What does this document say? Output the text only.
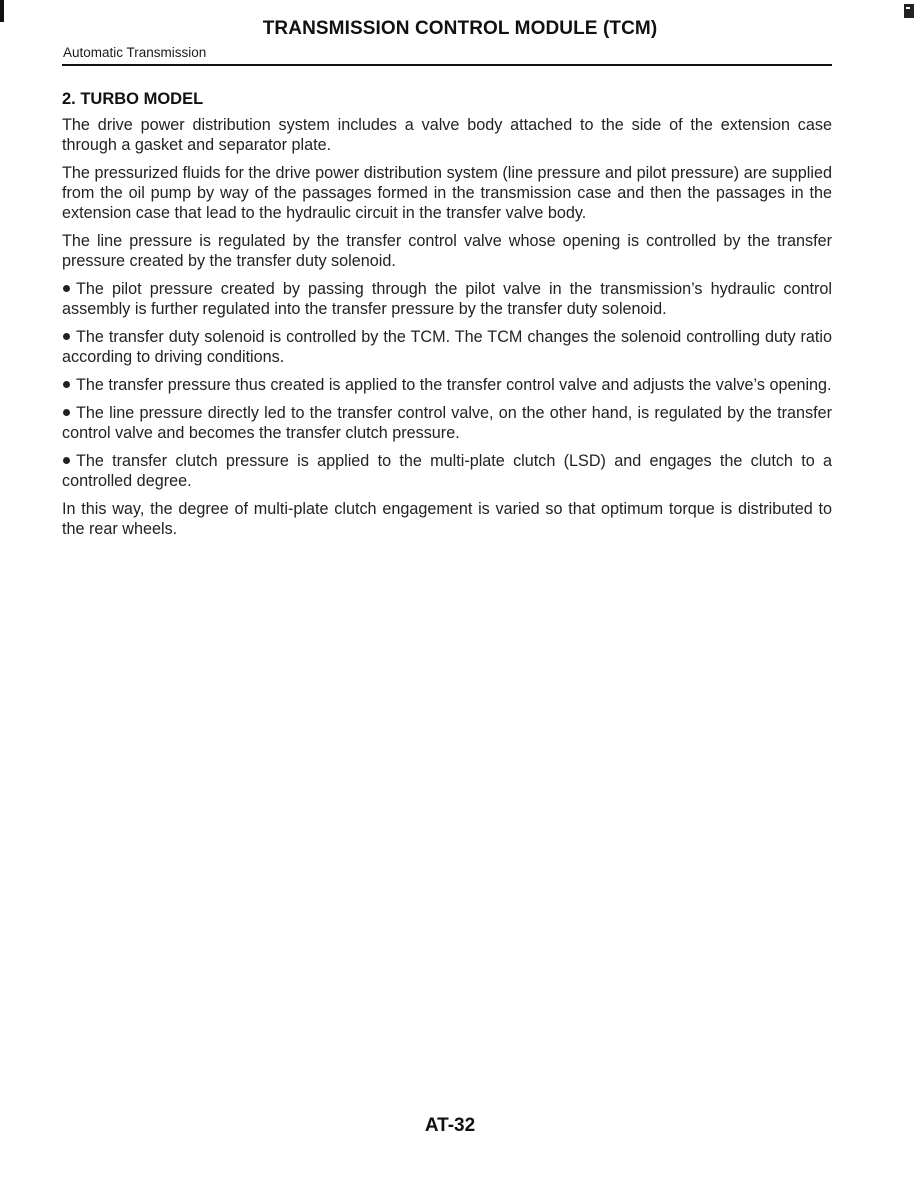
TRANSMISSION CONTROL MODULE (TCM)
Automatic Transmission
2. TURBO MODEL

The drive power distribution system includes a valve body attached to the side of the extension case through a gasket and separator plate.

The pressurized fluids for the drive power distribution system (line pressure and pilot pressure) are supplied from the oil pump by way of the passages formed in the transmission case and then the passages in the extension case that lead to the hydraulic circuit in the transfer valve body.

The line pressure is regulated by the transfer control valve whose opening is controlled by the transfer pressure created by the transfer duty solenoid.

The pilot pressure created by passing through the pilot valve in the transmission’s hydraulic control assembly is further regulated into the transfer pressure by the transfer duty solenoid.

The transfer duty solenoid is controlled by the TCM. The TCM changes the solenoid controlling duty ratio according to driving conditions.

The transfer pressure thus created is applied to the transfer control valve and adjusts the valve’s opening.

The line pressure directly led to the transfer control valve, on the other hand, is regulated by the transfer control valve and becomes the transfer clutch pressure.

The transfer clutch pressure is applied to the multi-plate clutch (LSD) and engages the clutch to a controlled degree.

In this way, the degree of multi-plate clutch engagement is varied so that optimum torque is distributed to the rear wheels.

AT-32
